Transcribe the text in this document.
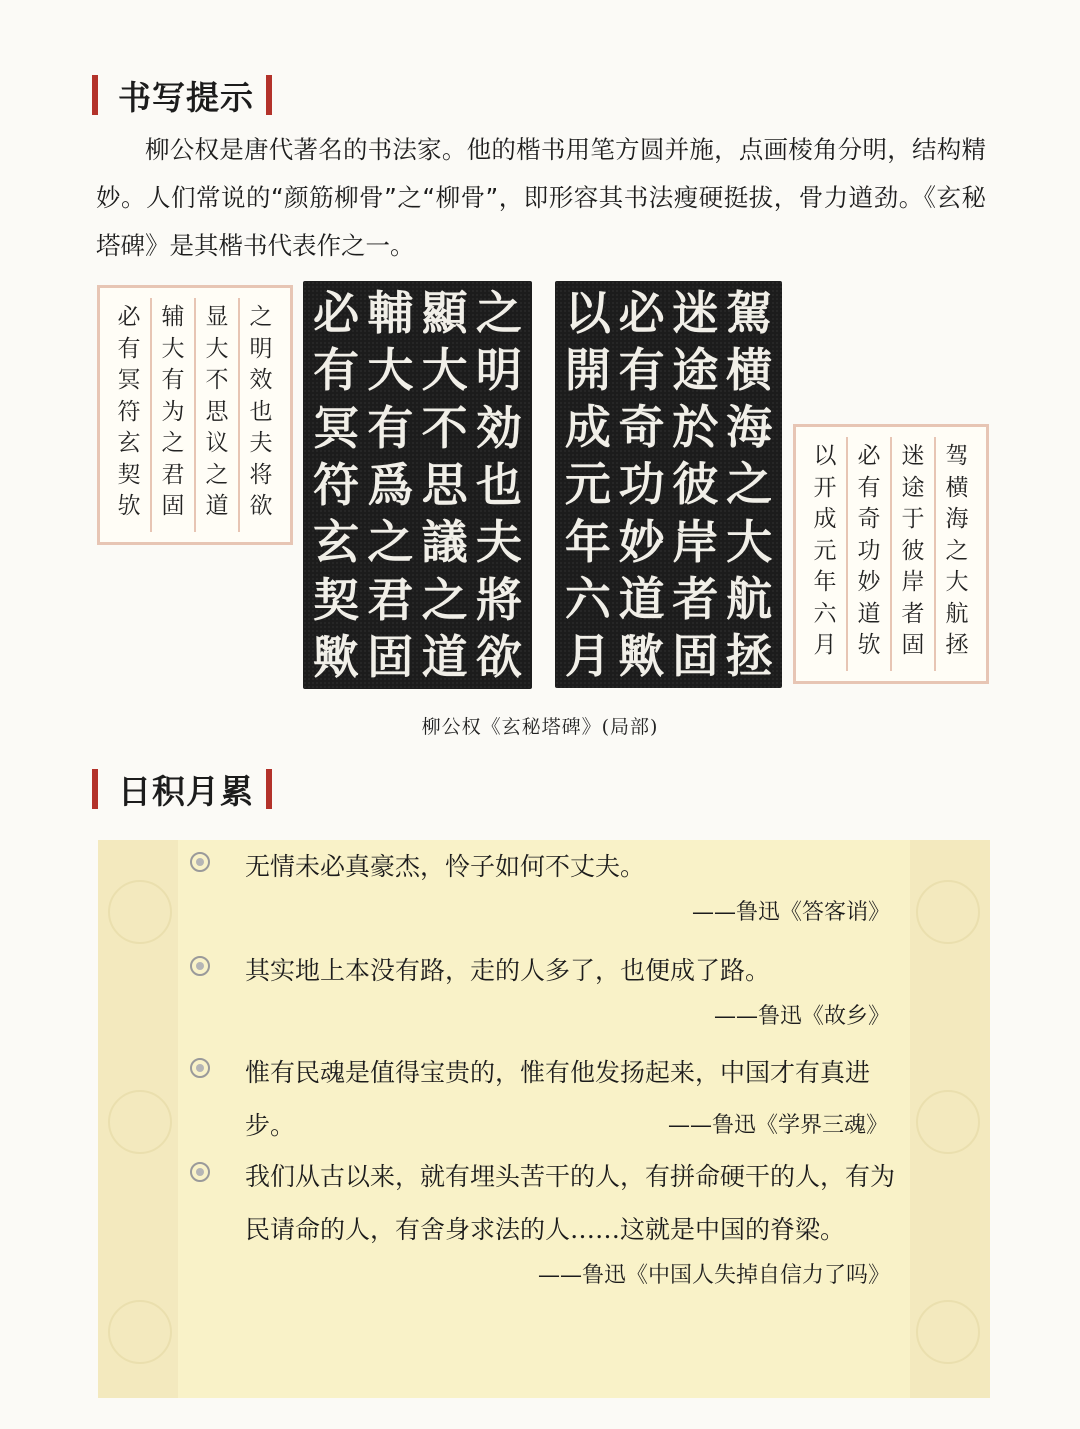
书写提示

柳公权是唐代著名的书法家。他的楷书用笔方圆并施，点画棱角分明，结构精妙。人们常说的“颜筋柳骨”之“柳骨”，即形容其书法瘦硬挺拔，骨力遒劲。《玄秘塔碑》是其楷书代表作之一。

之
明
效
也
夫
将
欲
显
大
不
思
议
之
道
辅
大
有
为
之
君
固
必
有
冥
符
玄
契
欤
之
明
効
也
夫
將
欲
顯
大
不
思
議
之
道
輔
大
有
爲
之
君
固
必
有
冥
符
玄
契
歟
駕
横
海
之
大
航
拯
迷
途
於
彼
岸
者
固
必
有
奇
功
妙
道
歟
以
開
成
元
年
六
月
驾
横
海
之
大
航
拯
迷
途
于
彼
岸
者
固
必
有
奇
功
妙
道
欤
以
开
成
元
年
六
月
柳公权《玄秘塔碑》(局部)
日积月累
无情未必真豪杰，怜子如何不丈夫。
——鲁迅《答客诮》
其实地上本没有路，走的人多了，也便成了路。
——鲁迅《故乡》
惟有民魂是值得宝贵的，惟有他发扬起来，中国才有真进步。	——鲁迅《学界三魂》
我们从古以来，就有埋头苦干的人，有拼命硬干的人，有为民请命的人，有舍身求法的人……这就是中国的脊梁。
——鲁迅《中国人失掉自信力了吗》
